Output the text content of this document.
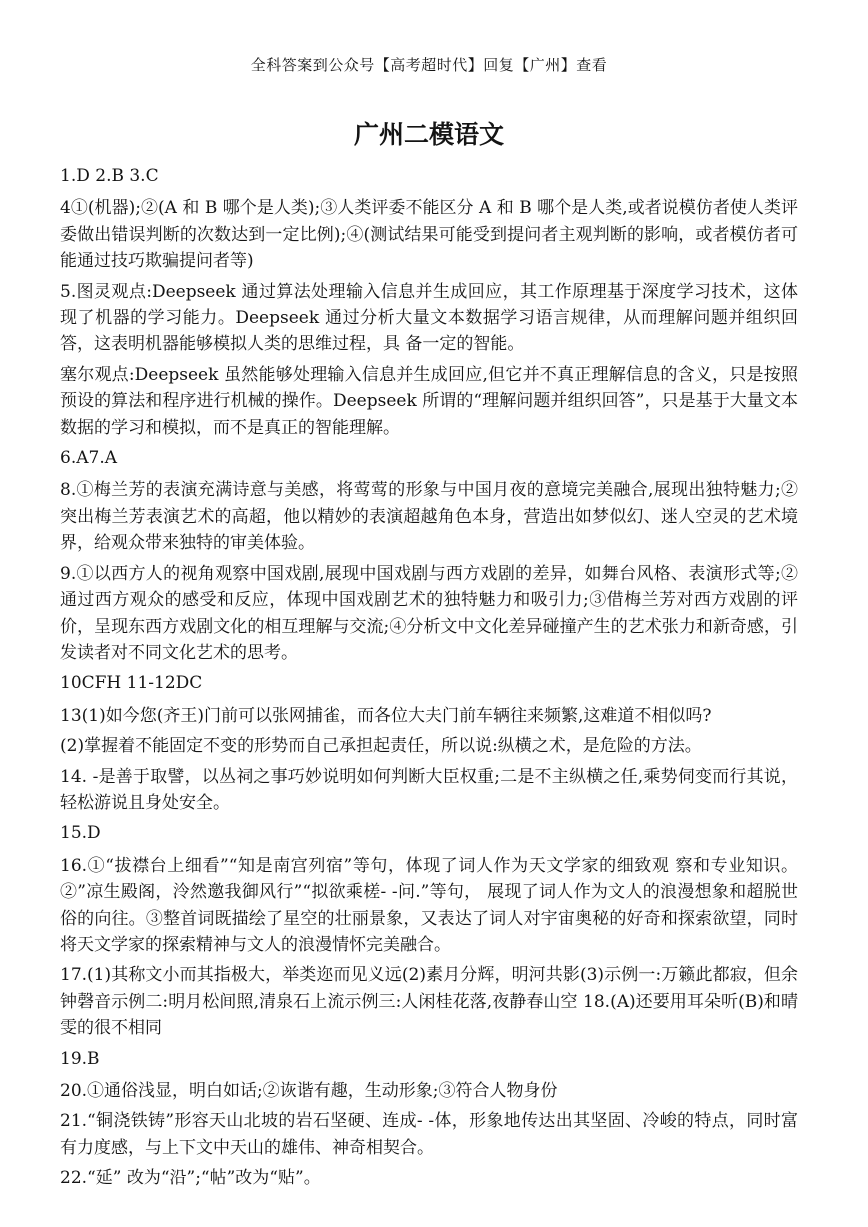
全科答案到公众号【高考超时代】回复【广州】查看
广州二模语文

1.D 2.B 3.C

4①(机器);②(A 和 B 哪个是人类);③人类评委不能区分 A 和 B 哪个是人类,或者说模仿者使人类评委做出错误判断的次数达到一定比例);④(测试结果可能受到提问者主观判断的影响，或者模仿者可能通过技巧欺骗提问者等)

5.图灵观点:Deepseek 通过算法处理输入信息并生成回应，其工作原理基于深度学习技术，这体现了机器的学习能力。Deepseek 通过分析大量文本数据学习语言规律，从而理解问题并组织回答，这表明机器能够模拟人类的思维过程，具 备一定的智能。

塞尔观点:Deepseek 虽然能够处理输入信息并生成回应,但它并不真正理解信息的含义，只是按照预设的算法和程序进行机械的操作。Deepseek 所谓的“理解问题并组织回答”，只是基于大量文本数据的学习和模拟，而不是真正的智能理解。

6.A7.A

8.①梅兰芳的表演充满诗意与美感，将莺莺的形象与中国月夜的意境完美融合,展现出独特魅力;②突出梅兰芳表演艺术的高超，他以精妙的表演超越角色本身，营造出如梦似幻、迷人空灵的艺术境界，给观众带来独特的审美体验。

9.①以西方人的视角观察中国戏剧,展现中国戏剧与西方戏剧的差异，如舞台风格、表演形式等;②通过西方观众的感受和反应，体现中国戏剧艺术的独特魅力和吸引力;③借梅兰芳对西方戏剧的评价，呈现东西方戏剧文化的相互理解与交流;④分析文中文化差异碰撞产生的艺术张力和新奇感，引发读者对不同文化艺术的思考。

10CFH 11-12DC

13(1)如今您(齐王)门前可以张网捕雀，而各位大夫门前车辆往来频繁,这难道不相似吗?

(2)掌握着不能固定不变的形势而自己承担起责任，所以说:纵横之术，是危险的方法。

14. -是善于取譬，以丛祠之事巧妙说明如何判断大臣权重;二是不主纵横之任,乘势伺变而行其说，轻松游说且身处安全。

15.D

16.①“拔襟台上细看”“知是南宫列宿”等句，体现了词人作为天文学家的细致观 察和专业知识。②”凉生殿阁，泠然邀我御风行”“拟欲乘槎- -问.”等句， 展现了词人作为文人的浪漫想象和超脱世俗的向往。③整首词既描绘了星空的壮丽景象，又表达了词人对宇宙奥秘的好奇和探索欲望，同时将天文学家的探索精神与文人的浪漫情怀完美融合。

17.(1)其称文小而其指极大，举类迩而见义远(2)素月分辉，明河共影(3)示例一:万籁此都寂，但余钟磬音示例二:明月松间照,清泉石上流示例三:人闲桂花落,夜静春山空 18.(A)还要用耳朵听(B)和晴雯的很不相同

19.B

20.①通俗浅显，明白如话;②诙谐有趣，生动形象;③符合人物身份

21.“铜浇铁铸”形容天山北坡的岩石坚硬、连成- -体，形象地传达出其坚固、冷峻的特点，同时富有力度感，与上下文中天山的雄伟、神奇相契合。

22.“延” 改为“沿”;“帖”改为“贴”。
